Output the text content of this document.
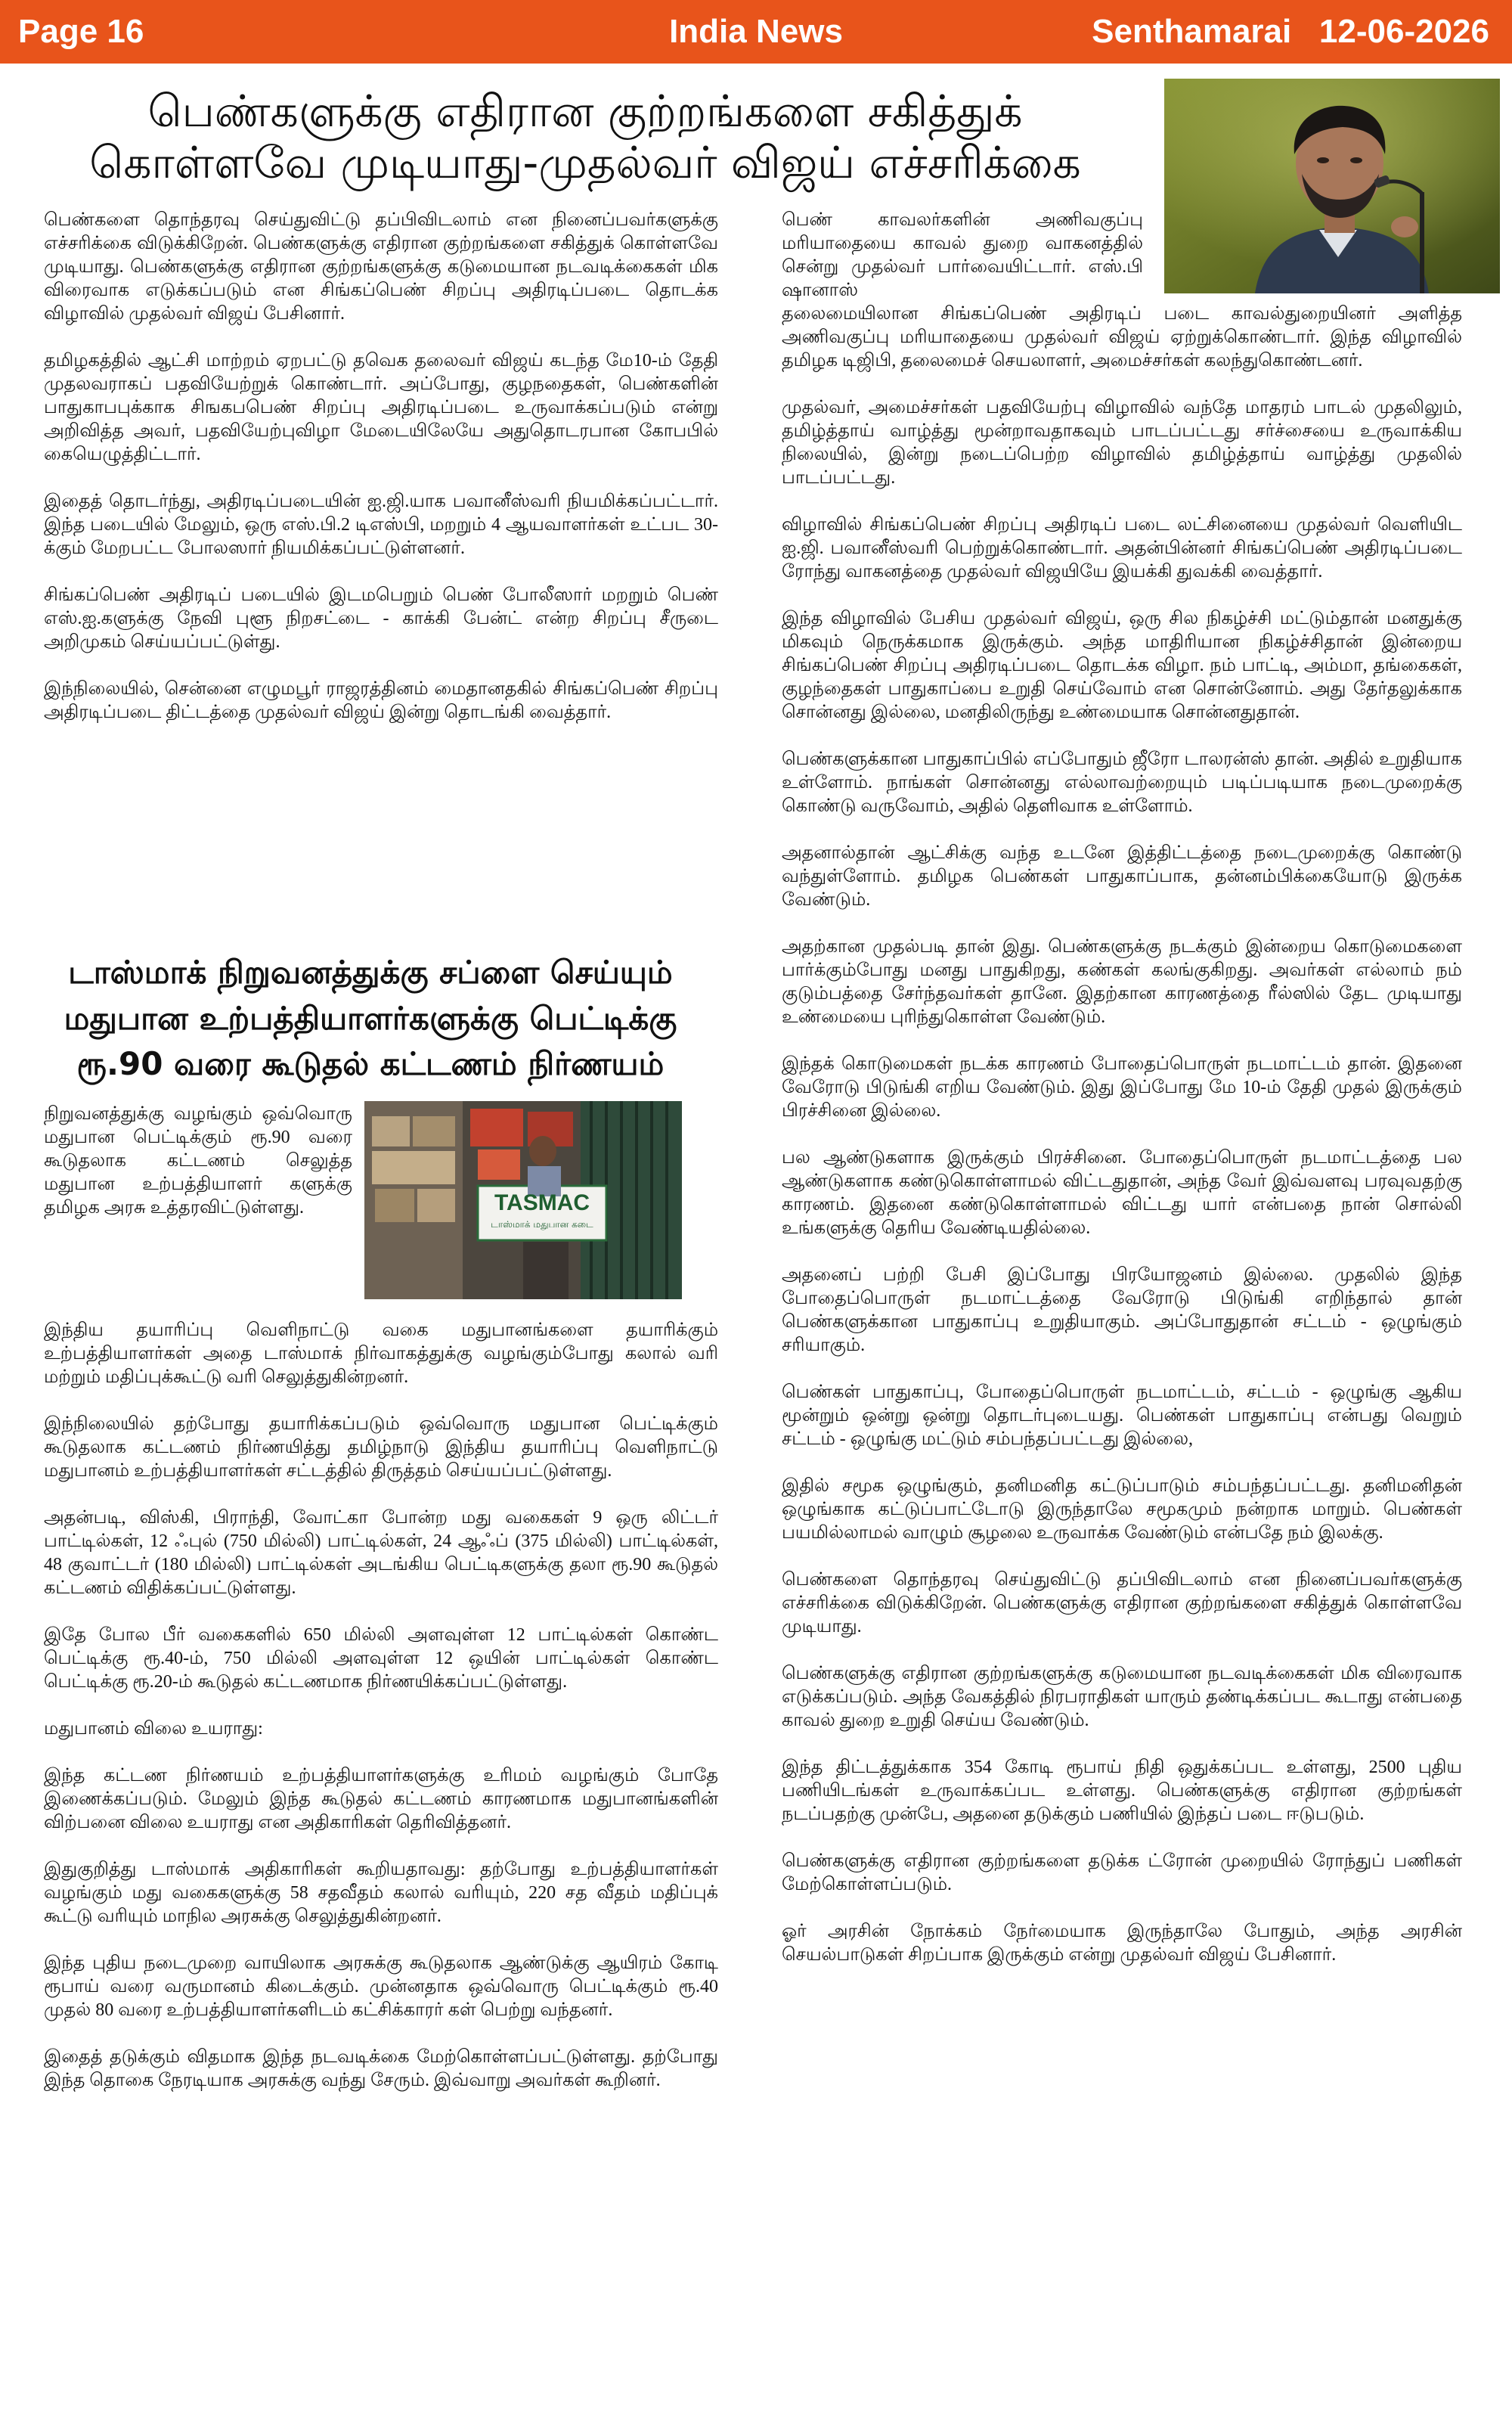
Page 16	India News	Senthamarai 12-06-2026
பெண்களுக்கு எதிரான குற்றங்களை சகித்துக்
கொள்ளவே முடியாது-முதல்வர் விஜய் எச்சரிக்கை

பெண்களை தொந்தரவு செய்துவிட்டு தப்பிவிடலாம் என நினைப்பவர்களுக்கு எச்சரிக்கை விடுக்கிறேன். பெண்களுக்கு எதிரான குற்றங்களை சகித்துக் கொள்ளவே முடியாது. பெண்களுக்கு எதிரான குற்றங்களுக்கு கடுமையான நடவடிக்கைகள் மிக விரைவாக எடுக்கப்படும் என சிங்கப்பெண் சிறப்பு அதிரடிப்படை தொடக்க விழாவில் முதல்வர் விஜய் பேசினார்.

தமிழகத்தில் ஆட்சி மாற்றம் ஏறபட்டு தவெக தலைவர் விஜய் கடந்த மே10-ம் தேதி முதலவராகப் பதவியேற்றுக் கொண்டார். அப்போது, குழநதைகள், பெண்களின் பாதுகாபபுக்காக சிஙகபபெண் சிறப்பு அதிரடிப்படை உருவாக்கப்படும் என்று அறிவித்த அவர், பதவியேற்புவிழா மேடையிலேயே அதுதொடரபான கோபபில் கையெழுத்திட்டார்.

இதைத் தொடர்ந்து, அதிரடிப்படையின் ஐ.ஜி.யாக பவானீஸ்வரி நியமிக்கப்பட்டார். இந்த படையில் மேலும், ஒரு எஸ்.பி.2 டிஎஸ்பி, மறறும் 4 ஆயவாளர்கள் உட்பட 30-க்கும் மேறபட்ட போலஸார் நியமிக்கப்பட்டுள்ளனர்.

சிங்கப்பெண் அதிரடிப் படையில் இடமபெறும் பெண் போலீஸார் மறறும் பெண் எஸ்.ஐ.களுக்கு நேவி புளூ நிறசட்டை - காக்கி பேன்ட் என்ற சிறப்பு சீருடை அறிமுகம் செய்யப்பட்டுள்து.

இந்நிலையில், சென்னை எழுமபூர் ராஜரத்தினம் மைதானதகில் சிங்கப்பெண் சிறப்பு அதிரடிப்படை திட்டத்தை முதல்வர் விஜய் இன்று தொடங்கி வைத்தார்.

பெண் காவலர்களின் அணிவகுப்பு மரியாதையை காவல் துறை வாகனத்தில் சென்று முதல்வர் பார்வையிட்டார். எஸ்.பி ஷானாஸ்

தலைமையிலான சிங்கப்பெண் அதிரடிப் படை காவல்துறையினர் அளித்த அணிவகுப்பு மரியாதையை முதல்வர் விஜய் ஏற்றுக்கொண்டார். இந்த விழாவில் தமிழக டிஜிபி, தலைமைச் செயலாளர், அமைச்சர்கள் கலந்துகொண்டனர்.

முதல்வர், அமைச்சர்கள் பதவியேற்பு விழாவில் வந்தே மாதரம் பாடல் முதலிலும், தமிழ்த்தாய் வாழ்த்து மூன்றாவதாகவும் பாடப்பட்டது சர்ச்சையை உருவாக்கிய நிலையில், இன்று நடைப்பெற்ற விழாவில் தமிழ்த்தாய் வாழ்த்து முதலில் பாடப்பட்டது.

விழாவில் சிங்கப்பெண் சிறப்பு அதிரடிப் படை லட்சினையை முதல்வர் வெளியிட ஐ.ஜி. பவானீஸ்வரி பெற்றுக்கொண்டார். அதன்பின்னர் சிங்கப்பெண் அதிரடிப்படை ரோந்து வாகனத்தை முதல்வர் விஜயியே இயக்கி துவக்கி வைத்தார்.

இந்த விழாவில் பேசிய முதல்வர் விஜய், ஒரு சில நிகழ்ச்சி மட்டும்தான் மனதுக்கு மிகவும் நெருக்கமாக இருக்கும். அந்த மாதிரியான நிகழ்ச்சிதான் இன்றைய சிங்கப்பெண் சிறப்பு அதிரடிப்படை தொடக்க விழா. நம் பாட்டி, அம்மா, தங்கைகள், குழந்தைகள் பாதுகாப்பை உறுதி செய்வோம் என சொன்னோம். அது தேர்தலுக்காக சொன்னது இல்லை, மனதிலிருந்து உண்மையாக சொன்னதுதான்.

பெண்களுக்கான பாதுகாப்பில் எப்போதும் ஜீரோ டாலரன்ஸ் தான். அதில் உறுதியாக உள்ளோம். நாங்கள் சொன்னது எல்லாவற்றையும் படிப்படியாக நடைமுறைக்கு கொண்டு வருவோம், அதில் தெளிவாக உள்ளோம்.

அதனால்தான் ஆட்சிக்கு வந்த உடனே இத்திட்டத்தை நடைமுறைக்கு கொண்டு வந்துள்ளோம். தமிழக பெண்கள் பாதுகாப்பாக, தன்னம்பிக்கையோடு இருக்க வேண்டும்.

அதற்கான முதல்படி தான் இது. பெண்களுக்கு நடக்கும் இன்றைய கொடுமைகளை பார்க்கும்போது மனது பாதுகிறது, கண்கள் கலங்குகிறது. அவர்கள் எல்லாம் நம் குடும்பத்தை சேர்ந்தவர்கள் தானே. இதற்கான காரணத்தை ரீல்ஸில் தேட முடியாது உண்மையை புரிந்துகொள்ள வேண்டும்.

இந்தக் கொடுமைகள் நடக்க காரணம் போதைப்பொருள் நடமாட்டம் தான். இதனை வேரோடு பிடுங்கி எறிய வேண்டும். இது இப்போது மே 10-ம் தேதி முதல் இருக்கும் பிரச்சினை இல்லை.

பல ஆண்டுகளாக இருக்கும் பிரச்சினை. போதைப்பொருள் நடமாட்டத்தை பல ஆண்டுகளாக கண்டுகொள்ளாமல் விட்டதுதான், அந்த வேர் இவ்வளவு பரவுவதற்கு காரணம். இதனை கண்டுகொள்ளாமல் விட்டது யார் என்பதை நான் சொல்லி உங்களுக்கு தெரிய வேண்டியதில்லை.

அதனைப் பற்றி பேசி இப்போது பிரயோஜனம் இல்லை. முதலில் இந்த போதைப்பொருள் நடமாட்டத்தை வேரோடு பிடுங்கி எறிந்தால் தான் பெண்களுக்கான பாதுகாப்பு உறுதியாகும். அப்போதுதான் சட்டம் - ஒழுங்கும் சரியாகும்.

பெண்கள் பாதுகாப்பு, போதைப்பொருள் நடமாட்டம், சட்டம் - ஒழுங்கு ஆகிய மூன்றும் ஒன்று ஒன்று தொடர்புடையது. பெண்கள் பாதுகாப்பு என்பது வெறும் சட்டம் - ஒழுங்கு மட்டும் சம்பந்தப்பட்டது இல்லை,

இதில் சமூக ஒழுங்கும், தனிமனித கட்டுப்பாடும் சம்பந்தப்பட்டது. தனிமனிதன் ஒழுங்காக கட்டுப்பாட்டோடு இருந்தாலே சமூகமும் நன்றாக மாறும். பெண்கள் பயமில்லாமல் வாழும் சூழலை உருவாக்க வேண்டும் என்பதே நம் இலக்கு.

பெண்களை தொந்தரவு செய்துவிட்டு தப்பிவிடலாம் என நினைப்பவர்களுக்கு எச்சரிக்கை விடுக்கிறேன். பெண்களுக்கு எதிரான குற்றங்களை சகித்துக் கொள்ளவே முடியாது.

பெண்களுக்கு எதிரான குற்றங்களுக்கு கடுமையான நடவடிக்கைகள் மிக விரைவாக எடுக்கப்படும். அந்த வேகத்தில் நிரபராதிகள் யாரும் தண்டிக்கப்பட கூடாது என்பதை காவல் துறை உறுதி செய்ய வேண்டும்.

இந்த திட்டத்துக்காக 354 கோடி ரூபாய் நிதி ஒதுக்கப்பட உள்ளது, 2500 புதிய பணியிடங்கள் உருவாக்கப்பட உள்ளது. பெண்களுக்கு எதிரான குற்றங்கள் நடப்பதற்கு முன்பே, அதனை தடுக்கும் பணியில் இந்தப் படை ஈடுபடும்.

பெண்களுக்கு எதிரான குற்றங்களை தடுக்க ட்ரோன் முறையில் ரோந்துப் பணிகள் மேற்கொள்ளப்படும்.

ஓர் அரசின் நோக்கம் நேர்மையாக இருந்தாலே போதும், அந்த அரசின் செயல்பாடுகள் சிறப்பாக இருக்கும் என்று முதல்வர் விஜய் பேசினார்.

டாஸ்மாக் நிறுவனத்துக்கு சப்ளை செய்யும்
மதுபான உற்பத்தியாளர்களுக்கு பெட்டிக்கு
ரூ.90 வரை கூடுதல் கட்டணம் நிர்ணயம்
நிறுவனத்துக்கு வழங்கும் ஒவ்வொரு மதுபான பெட்டிக்கும் ரூ.90 வரை கூடுதலாக கட்டணம் செலுத்த மதுபான உற்பத்தியாளர் களுக்கு தமிழக அரசு உத்தரவிட்டுள்ளது.	TASMAC
டாஸ்மாக் மதுபான கடை

இந்திய தயாரிப்பு வெளிநாட்டு வகை மதுபானங்களை தயாரிக்கும் உற்பத்தியாளர்கள் அதை டாஸ்மாக் நிர்வாகத்துக்கு வழங்கும்போது கலால் வரி மற்றும் மதிப்புக்கூட்டு வரி செலுத்துகின்றனர்.

இந்நிலையில் தற்போது தயாரிக்கப்படும் ஒவ்வொரு மதுபான பெட்டிக்கும் கூடுதலாக கட்டணம் நிர்ணயித்து தமிழ்நாடு இந்திய தயாரிப்பு வெளிநாட்டு மதுபானம் உற்பத்தியாளர்கள் சட்டத்தில் திருத்தம் செய்யப்பட்டுள்ளது.

அதன்படி, விஸ்கி, பிராந்தி, வோட்கா போன்ற மது வகைகள் 9 ஒரு லிட்டர் பாட்டில்கள், 12 ஃபுல் (750 மில்லி) பாட்டில்கள், 24 ஆஃப் (375 மில்லி) பாட்டில்கள், 48 குவாட்டர் (180 மில்லி) பாட்டில்கள் அடங்கிய பெட்டிகளுக்கு தலா ரூ.90 கூடுதல் கட்டணம் விதிக்கப்பட்டுள்ளது.

இதே போல பீர் வகைகளில் 650 மில்லி அளவுள்ள 12 பாட்டில்கள் கொண்ட பெட்டிக்கு ரூ.40-ம், 750 மில்லி அளவுள்ள 12 ஒயின் பாட்டில்கள் கொண்ட பெட்டிக்கு ரூ.20-ம் கூடுதல் கட்டணமாக நிர்ணயிக்கப்பட்டுள்ளது.

மதுபானம் விலை உயராது:

இந்த கட்டண நிர்ணயம் உற்பத்தியாளர்களுக்கு உரிமம் வழங்கும் போதே இணைக்கப்படும். மேலும் இந்த கூடுதல் கட்டணம் காரணமாக மதுபானங்களின் விற்பனை விலை உயராது என அதிகாரிகள் தெரிவித்தனர்.

இதுகுறித்து டாஸ்மாக் அதிகாரிகள் கூறியதாவது: தற்போது உற்பத்தியாளர்கள் வழங்கும் மது வகைகளுக்கு 58 சதவீதம் கலால் வரியும், 220 சத வீதம் மதிப்புக் கூட்டு வரியும் மாநில அரசுக்கு செலுத்துகின்றனர்.

இந்த புதிய நடைமுறை வாயிலாக அரசுக்கு கூடுதலாக ஆண்டுக்கு ஆயிரம் கோடி ரூபாய் வரை வருமானம் கிடைக்கும். முன்னதாக ஒவ்வொரு பெட்டிக்கும் ரூ.40 முதல் 80 வரை உற்பத்தியாளர்களிடம் கட்சிக்காரர் கள் பெற்று வந்தனர்.

இதைத் தடுக்கும் விதமாக இந்த நடவடிக்கை மேற்கொள்ளப்பட்டுள்ளது. தற்போது இந்த தொகை நேரடியாக அரசுக்கு வந்து சேரும். இவ்வாறு அவர்கள் கூறினர்.
